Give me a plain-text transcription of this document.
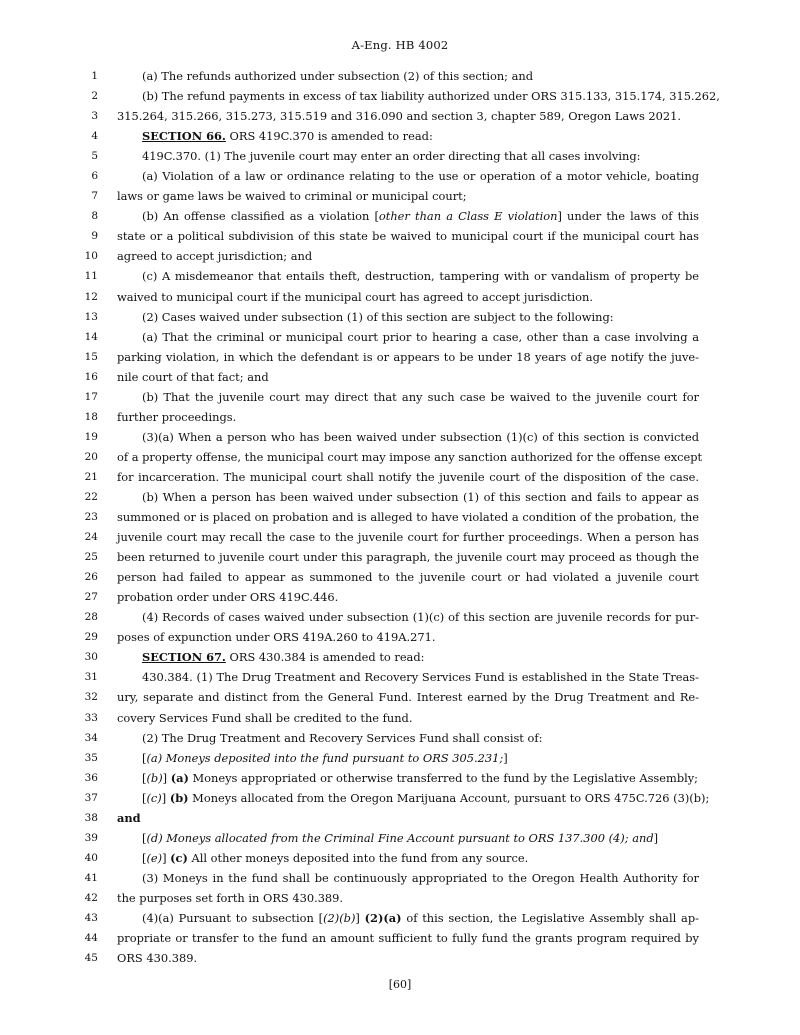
A-Eng. HB 4002
1	(a) The refunds authorized under subsection (2) of this section; and
2	(b) The refund payments in excess of tax liability authorized under ORS 315.133, 315.174, 315.262,
3 315.264, 315.266, 315.273, 315.519 and 316.090 and section 3, chapter 589, Oregon Laws 2021.
4	SECTION 66. ORS 419C.370 is amended to read:
5	419C.370. (1) The juvenile court may enter an order directing that all cases involving:
6	(a) Violation of a law or ordinance relating to the use or operation of a motor vehicle, boating
7 laws or game laws be waived to criminal or municipal court;
8	(b) An offense classified as a violation [other than a Class E violation] under the laws of this
9 state or a political subdivision of this state be waived to municipal court if the municipal court has
10 agreed to accept jurisdiction; and
11	(c) A misdemeanor that entails theft, destruction, tampering with or vandalism of property be
12 waived to municipal court if the municipal court has agreed to accept jurisdiction.
13	(2) Cases waived under subsection (1) of this section are subject to the following:
14	(a) That the criminal or municipal court prior to hearing a case, other than a case involving a
15 parking violation, in which the defendant is or appears to be under 18 years of age notify the juve-
16 nile court of that fact; and
17	(b) That the juvenile court may direct that any such case be waived to the juvenile court for
18 further proceedings.
19	(3)(a) When a person who has been waived under subsection (1)(c) of this section is convicted
20 of a property offense, the municipal court may impose any sanction authorized for the offense except
21 for incarceration. The municipal court shall notify the juvenile court of the disposition of the case.
22	(b) When a person has been waived under subsection (1) of this section and fails to appear as
23 summoned or is placed on probation and is alleged to have violated a condition of the probation, the
24 juvenile court may recall the case to the juvenile court for further proceedings. When a person has
25 been returned to juvenile court under this paragraph, the juvenile court may proceed as though the
26 person had failed to appear as summoned to the juvenile court or had violated a juvenile court
27 probation order under ORS 419C.446.
28	(4) Records of cases waived under subsection (1)(c) of this section are juvenile records for pur-
29 poses of expunction under ORS 419A.260 to 419A.271.
30	SECTION 67. ORS 430.384 is amended to read:
31	430.384. (1) The Drug Treatment and Recovery Services Fund is established in the State Treas-
32 ury, separate and distinct from the General Fund. Interest earned by the Drug Treatment and Re-
33 covery Services Fund shall be credited to the fund.
34	(2) The Drug Treatment and Recovery Services Fund shall consist of:
35	[(a) Moneys deposited into the fund pursuant to ORS 305.231;]
36	[(b)] (a) Moneys appropriated or otherwise transferred to the fund by the Legislative Assembly;
37	[(c)] (b) Moneys allocated from the Oregon Marijuana Account, pursuant to ORS 475C.726 (3)(b);
38 and
39	[(d) Moneys allocated from the Criminal Fine Account pursuant to ORS 137.300 (4); and]
40	[(e)] (c) All other moneys deposited into the fund from any source.
41	(3) Moneys in the fund shall be continuously appropriated to the Oregon Health Authority for
42 the purposes set forth in ORS 430.389.
43	(4)(a) Pursuant to subsection [(2)(b)] (2)(a) of this section, the Legislative Assembly shall ap-
44 propriate or transfer to the fund an amount sufficient to fully fund the grants program required by
45 ORS 430.389.
[60]
